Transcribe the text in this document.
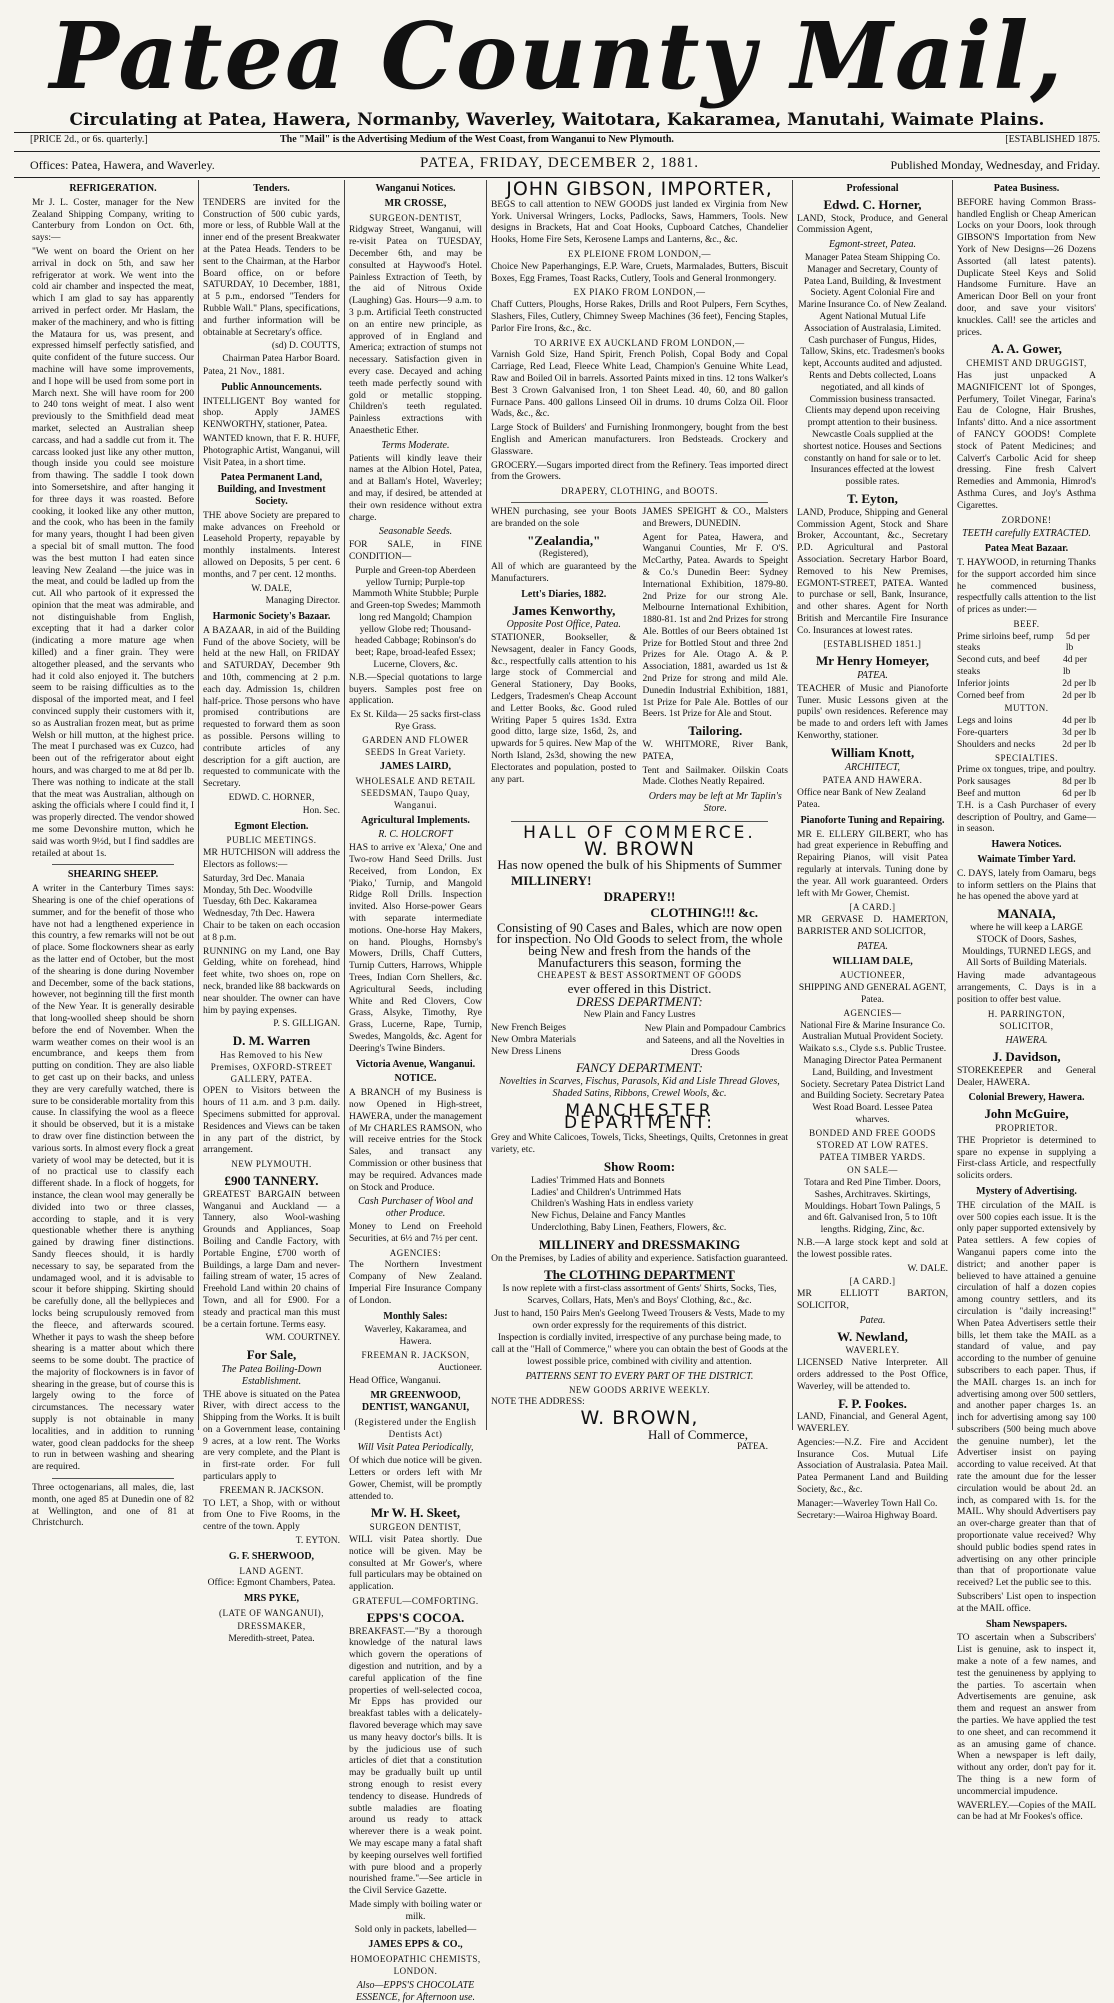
Patea County Mail,
Circulating at Patea, Hawera, Normanby, Waverley, Waitotara, Kakaramea, Manutahi, Waimate Plains.
[PRICE 2d., or 6s. quarterly.]	The "Mail" is the Advertising Medium of the West Coast, from Wanganui to New Plymouth.	[ESTABLISHED 1875.
Offices: Patea, Hawera, and Waverley.	PATEA, FRIDAY, DECEMBER 2, 1881.	Published Monday, Wednesday, and Friday.
REFRIGERATION.

Mr J. L. Coster, manager for the New Zealand Shipping Company, writing to Canterbury from London on Oct. 6th, says:—

"We went on board the Orient on her arrival in dock on 5th, and saw her refrigerator at work. We went into the cold air chamber and inspected the meat, which I am glad to say has apparently arrived in perfect order. Mr Haslam, the maker of the machinery, and who is fitting the Mataura for us, was present, and expressed himself perfectly satisfied, and quite confident of the future success. Our machine will have some improvements, and I hope will be used from some port in March next. She will have room for 200 to 240 tons weight of meat. I also went previously to the Smithfield dead meat market, selected an Australian sheep carcass, and had a saddle cut from it. The carcass looked just like any other mutton, though inside you could see moisture from thawing. The saddle I took down into Somersetshire, and after hanging it for three days it was roasted. Before cooking, it looked like any other mutton, and the cook, who has been in the family for many years, thought I had been given a special bit of small mutton. The food was the best mutton I had eaten since leaving New Zealand —the juice was in the meat, and could be ladled up from the cut. All who partook of it expressed the opinion that the meat was admirable, and not distinguishable from English, excepting that it had a darker color (indicating a more mature age when killed) and a finer grain. They were altogether pleased, and the servants who had it cold also enjoyed it. The butchers seem to be raising difficulties as to the disposal of the imported meat, and I feel convinced supply their customers with it, so as Australian frozen meat, but as prime Welsh or hill mutton, at the highest price. The meat I purchased was ex Cuzco, had been out of the refrigerator about eight hours, and was charged to me at 8d per lb. There was nothing to indicate at the stall that the meat was Australian, although on asking the officials where I could find it, I was properly directed. The vendor showed me some Devonshire mutton, which he said was worth 9½d, but I find saddles are retailed at about 1s.

SHEARING SHEEP.

A writer in the Canterbury Times says: Shearing is one of the chief operations of summer, and for the benefit of those who have not had a lengthened experience in this country, a few remarks will not be out of place. Some flockowners shear as early as the latter end of October, but the most of the shearing is done during November and December, some of the back stations, however, not beginning till the first month of the New Year. It is generally desirable that long-woolled sheep should be shorn before the end of November. When the warm weather comes on their wool is an encumbrance, and keeps them from putting on condition. They are also liable to get cast up on their backs, and unless they are very carefully watched, there is sure to be considerable mortality from this cause. In classifying the wool as a fleece it should be observed, but it is a mistake to draw over fine distinction between the various sorts. In almost every flock a great variety of wool may be detected, but it is of no practical use to classify each different shade. In a flock of hoggets, for instance, the clean wool may generally be divided into two or three classes, according to staple, and it is very questionable whether there is anything gained by drawing finer distinctions. Sandy fleeces should, it is hardly necessary to say, be separated from the undamaged wool, and it is advisable to scour it before shipping. Skirting should be carefully done, all the bellypieces and locks being scrupulously removed from the fleece, and afterwards scoured. Whether it pays to wash the sheep before shearing is a matter about which there seems to be some doubt. The practice of the majority of flockowners is in favor of shearing in the grease, but of course this is largely owing to the force of circumstances. The necessary water supply is not obtainable in many localities, and in addition to running water, good clean paddocks for the sheep to run in between washing and shearing are required.

Three octogenarians, all males, die, last month, one aged 85 at Dunedin one of 82 at Wellington, and one of 81 at Christchurch.

Tenders.

TENDERS are invited for the Construction of 500 cubic yards, more or less, of Rubble Wall at the inner end of the present Breakwater at the Patea Heads. Tenders to be sent to the Chairman, at the Harbor Board office, on or before SATURDAY, 10 December, 1881, at 5 p.m., endorsed "Tenders for Rubble Wall." Plans, specifications, and further information will be obtainable at Secretary's office.

(sd) D. COUTTS,
Chairman Patea Harbor Board.
Patea, 21 Nov., 1881.
Public Announcements.

INTELLIGENT Boy wanted for shop. Apply JAMES KENWORTHY, stationer, Patea.

WANTED known, that F. R. HUFF, Photographic Artist, Wanganui, will Visit Patea, in a short time.

Patea Permanent Land, Building, and Investment Society.

THE above Society are prepared to make advances on Freehold or Leasehold Property, repayable by monthly instalments. Interest allowed on Deposits, 5 per cent. 6 months, and 7 per cent. 12 months.

W. DALE,
Managing Director.
Harmonic Society's Bazaar.

A BAZAAR, in aid of the Building Fund of the above Society, will be held at the new Hall, on FRIDAY and SATURDAY, December 9th and 10th, commencing at 2 p.m. each day. Admission 1s, children half-price. Those persons who have promised contributions are requested to forward them as soon as possible. Persons willing to contribute articles of any description for a gift auction, are requested to communicate with the Secretary.

EDWD. C. HORNER,
Hon. Sec.
Egmont Election.
PUBLIC MEETINGS.

MR HUTCHISON will address the Electors as follows:—

Saturday, 3rd Dec. Manaia
Monday, 5th Dec. Woodville
Tuesday, 6th Dec. Kakaramea
Wednesday, 7th Dec. Hawera

Chair to be taken on each occasion at 8 p.m.

RUNNING on my Land, one Bay Gelding, white on forehead, hind feet white, two shoes on, rope on neck, branded like 88 backwards on near shoulder. The owner can have him by paying expenses.

P. S. GILLIGAN.
D. M. Warren
Has Removed to his New Premises, OXFORD-STREET GALLERY, PATEA.

OPEN to Visitors between the hours of 11 a.m. and 3 p.m. daily. Specimens submitted for approval. Residences and Views can be taken in any part of the district, by arrangement.

NEW PLYMOUTH.
£900 TANNERY.

GREATEST BARGAIN between Wanganui and Auckland — a Tannery, also Wool-washing Grounds and Appliances, Soap Boiling and Candle Factory, with Portable Engine, £700 worth of Buildings, a large Dam and never-failing stream of water, 15 acres of Freehold Land within 20 chains of Town, and all for £900. For a steady and practical man this must be a certain fortune. Terms easy.

WM. COURTNEY.
For Sale,
The Patea Boiling-Down Establishment.

THE above is situated on the Patea River, with direct access to the Shipping from the Works. It is built on a Government lease, containing 9 acres, at a low rent. The Works are very complete, and the Plant is in first-rate order. For full particulars apply to

FREEMAN R. JACKSON.

TO LET, a Shop, with or without from One to Five Rooms, in the centre of the town. Apply

T. EYTON.
G. F. SHERWOOD,
LAND AGENT.
Office: Egmont Chambers, Patea.
MRS PYKE,
(LATE OF WANGANUI),
DRESSMAKER,
Meredith-street, Patea.
Wanganui Notices.
MR CROSSE,
SURGEON-DENTIST,

Ridgway Street, Wanganui, will re-visit Patea on TUESDAY, December 6th, and may be consulted at Haywood's Hotel. Painless Extraction of Teeth, by the aid of Nitrous Oxide (Laughing) Gas. Hours—9 a.m. to 3 p.m. Artificial Teeth constructed on an entire new principle, as approved of in England and America; extraction of stumps not necessary. Satisfaction given in every case. Decayed and aching teeth made perfectly sound with gold or metallic stopping. Children's teeth regulated. Painless extractions with Anaesthetic Ether.

Terms Moderate.

Patients will kindly leave their names at the Albion Hotel, Patea, and at Ballam's Hotel, Waverley; and may, if desired, be attended at their own residence without extra charge.

Seasonable Seeds.

FOR SALE, in FINE CONDITION—

Purple and Green-top Aberdeen yellow Turnip; Purple-top Mammoth White Stubble; Purple and Green-top Swedes; Mammoth long red Mangold; Champion yellow Globe red; Thousand-headed Cabbage; Robinson's do beet; Rape, broad-leafed Essex; Lucerne, Clovers, &c.

N.B.—Special quotations to large buyers. Samples post free on application.

Ex St. Kilda— 25 sacks first-class Rye Grass.
GARDEN AND FLOWER SEEDS In Great Variety.
JAMES LAIRD,
WHOLESALE AND RETAIL SEEDSMAN, Taupo Quay, Wanganui.
Agricultural Implements.
R. C. HOLCROFT

HAS to arrive ex 'Alexa,' One and Two-row Hand Seed Drills. Just Received, from London, Ex 'Piako,' Turnip, and Mangold Ridge Roll Drills. Inspection invited. Also Horse-power Gears with separate intermediate motions. One-horse Hay Makers, on hand. Ploughs, Hornsby's Mowers, Drills, Chaff Cutters, Turnip Cutters, Harrows, Whipple Trees, Indian Corn Shellers, &c. Agricultural Seeds, including White and Red Clovers, Cow Grass, Alsyke, Timothy, Rye Grass, Lucerne, Rape, Turnip, Swedes, Mangolds, &c. Agent for Deering's Twine Binders.

Victoria Avenue, Wanganui.
NOTICE.

A BRANCH of my Business is now Opened in High-street, HAWERA, under the management of Mr CHARLES RAMSON, who will receive entries for the Stock Sales, and transact any Commission or other business that may be required. Advances made on Stock and Produce.

Cash Purchaser of Wool and other Produce.

Money to Lend on Freehold Securities, at 6½ and 7½ per cent.

AGENCIES:

The Northern Investment Company of New Zealand. Imperial Fire Insurance Company of London.

Monthly Sales:
Waverley, Kakaramea, and Hawera.
FREEMAN R. JACKSON,
Auctioneer.
Head Office, Wanganui.
MR GREENWOOD, DENTIST, WANGANUI,
(Registered under the English Dentists Act)
Will Visit Patea Periodically,

Of which due notice will be given. Letters or orders left with Mr Gower, Chemist, will be promptly attended to.

Mr W. H. Skeet,
SURGEON DENTIST,

WILL visit Patea shortly. Due notice will be given. May be consulted at Mr Gower's, where full particulars may be obtained on application.

GRATEFUL—COMFORTING.
EPPS'S COCOA.

BREAKFAST.—"By a thorough knowledge of the natural laws which govern the operations of digestion and nutrition, and by a careful application of the fine properties of well-selected cocoa, Mr Epps has provided our breakfast tables with a delicately-flavored beverage which may save us many heavy doctor's bills. It is by the judicious use of such articles of diet that a constitution may be gradually built up until strong enough to resist every tendency to disease. Hundreds of subtle maladies are floating around us ready to attack wherever there is a weak point. We may escape many a fatal shaft by keeping ourselves well fortified with pure blood and a properly nourished frame."—See article in the Civil Service Gazette.

Made simply with boiling water or milk.
Sold only in packets, labelled—
JAMES EPPS & CO.,
HOMOEOPATHIC CHEMISTS, LONDON.
Also—EPPS'S CHOCOLATE ESSENCE, for Afternoon use.
JOHN GIBSON, IMPORTER,

BEGS to call attention to NEW GOODS just landed ex Virginia from New York. Universal Wringers, Locks, Padlocks, Saws, Hammers, Tools. New designs in Brackets, Hat and Coat Hooks, Cupboard Catches, Chandelier Hooks, Home Fire Sets, Kerosene Lamps and Lanterns, &c., &c.

EX PLEIONE FROM LONDON,—

Choice New Paperhangings, E.P. Ware, Cruets, Marmalades, Butters, Biscuit Boxes, Egg Frames, Toast Racks, Cutlery, Tools and General Ironmongery.

EX PIAKO FROM LONDON,—

Chaff Cutters, Ploughs, Horse Rakes, Drills and Root Pulpers, Fern Scythes, Slashers, Files, Cutlery, Chimney Sweep Machines (36 feet), Fencing Staples, Parlor Fire Irons, &c., &c.

TO ARRIVE EX AUCKLAND FROM LONDON,—

Varnish Gold Size, Hand Spirit, French Polish, Copal Body and Copal Carriage, Red Lead, Fleece White Lead, Champion's Genuine White Lead, Raw and Boiled Oil in barrels. Assorted Paints mixed in tins. 12 tons Walker's Best 3 Crown Galvanised Iron, 1 ton Sheet Lead. 40, 60, and 80 gallon Furnace Pans. 400 gallons Linseed Oil in drums. 10 drums Colza Oil. Floor Wads, &c., &c.

Large Stock of Builders' and Furnishing Ironmongery, bought from the best English and American manufacturers. Iron Bedsteads. Crockery and Glassware.

GROCERY.—Sugars imported direct from the Refinery. Teas imported direct from the Growers.

DRAPERY, CLOTHING, and BOOTS.

WHEN purchasing, see your Boots are branded on the sole

"Zealandia,"
(Registered),

All of which are guaranteed by the Manufacturers.

Lett's Diaries, 1882.
James Kenworthy,
Opposite Post Office, Patea.

STATIONER, Bookseller, & Newsagent, dealer in Fancy Goods, &c., respectfully calls attention to his large stock of Commercial and General Stationery, Day Books, Ledgers, Tradesmen's Cheap Account and Letter Books, &c. Good ruled Writing Paper 5 quires 1s3d. Extra good ditto, large size, 1s6d, 2s, and upwards for 5 quires. New Map of the North Island, 2s3d, showing the new Electorates and population, posted to any part.

JAMES SPEIGHT & CO., Malsters and Brewers, DUNEDIN.

Agent for Patea, Hawera, and Wanganui Counties, Mr F. O'S. McCarthy, Patea. Awards to Speight & Co.'s Dunedin Beer: Sydney International Exhibition, 1879-80. 2nd Prize for our strong Ale. Melbourne International Exhibition, 1880-81. 1st and 2nd Prizes for strong Ale. Bottles of our Beers obtained 1st Prize for Bottled Stout and three 2nd Prizes for Ale. Otago A. & P. Association, 1881, awarded us 1st & 2nd Prize for strong and mild Ale. Dunedin Industrial Exhibition, 1881, 1st Prize for Pale Ale. Bottles of our Beers. 1st Prize for Ale and Stout.

Tailoring.

W. WHITMORE, River Bank, PATEA,

Tent and Sailmaker. Oilskin Coats Made. Clothes Neatly Repaired.

Orders may be left at Mr Taplin's Store.
HALL OF COMMERCE.
W. BROWN
Has now opened the bulk of his Shipments of Summer
MILLINERY!
DRAPERY!!
CLOTHING!!! &c.

Consisting of 90 Cases and Bales, which are now open for inspection. No Old Goods to select from, the whole being New and fresh from the hands of the Manufacturers this season, forming the

CHEAPEST & BEST ASSORTMENT OF GOODS
ever offered in this District.
DRESS DEPARTMENT:
New Plain and Fancy Lustres
New French Beiges
New Ombra Materials
New Dress Linens
New Plain and Pompadour Cambrics and Sateens, and all the Novelties in Dress Goods
FANCY DEPARTMENT:
Novelties in Scarves, Fischus, Parasols, Kid and Lisle Thread Gloves, Shaded Satins, Ribbons, Crewel Wools, &c.
MANCHESTER DEPARTMENT:

Grey and White Calicoes, Towels, Ticks, Sheetings, Quilts, Cretonnes in great variety, etc.

Show Room:
Ladies' Trimmed Hats and Bonnets
Ladies' and Children's Untrimmed Hats
Children's Washing Hats in endless variety
New Fichus, Delaine and Fancy Mantles
Underclothing, Baby Linen, Feathers, Flowers, &c.
MILLINERY and DRESSMAKING
On the Premises, by Ladies of ability and experience. Satisfaction guaranteed.
The CLOTHING DEPARTMENT

Is now replete with a first-class assortment of Gents' Shirts, Socks, Ties, Scarves, Collars, Hats, Men's and Boys' Clothing, &c., &c.

Just to hand, 150 Pairs Men's Geelong Tweed Trousers & Vests, Made to my own order expressly for the requirements of this district.

Inspection is cordially invited, irrespective of any purchase being made, to call at the "Hall of Commerce," where you can obtain the best of Goods at the lowest possible price, combined with civility and attention.

PATTERNS SENT TO EVERY PART OF THE DISTRICT.
NEW GOODS ARRIVE WEEKLY.
NOTE THE ADDRESS:
W. BROWN,
Hall of Commerce,
PATEA.
Professional
Edwd. C. Horner,

LAND, Stock, Produce, and General Commission Agent,

Egmont-street, Patea.

Manager Patea Steam Shipping Co. Manager and Secretary, County of Patea Land, Building, & Investment Society. Agent Colonial Fire and Marine Insurance Co. of New Zealand. Agent National Mutual Life Association of Australasia, Limited. Cash purchaser of Fungus, Hides, Tallow, Skins, etc. Tradesmen's books kept, Accounts audited and adjusted. Rents and Debts collected, Loans negotiated, and all kinds of Commission business transacted. Clients may depend upon receiving prompt attention to their business. Newcastle Coals supplied at the shortest notice. Houses and Sections constantly on hand for sale or to let. Insurances effected at the lowest possible rates.

T. Eyton,

LAND, Produce, Shipping and General Commission Agent, Stock and Share Broker, Accountant, &c., Secretary P.D. Agricultural and Pastoral Association. Secretary Harbor Board, Removed to his New Premises, EGMONT-STREET, PATEA. Wanted to purchase or sell, Bank, Insurance, and other shares. Agent for North British and Mercantile Fire Insurance Co. Insurances at lowest rates.

[ESTABLISHED 1851.]
Mr Henry Homeyer,
PATEA.

TEACHER of Music and Pianoforte Tuner. Music Lessons given at the pupils' own residences. Reference may be made to and orders left with James Kenworthy, stationer.

William Knott,
ARCHITECT,
PATEA AND HAWERA.
Office near Bank of New Zealand Patea.
Pianoforte Tuning and Repairing.

MR E. ELLERY GILBERT, who has had great experience in Rebuffing and Repairing Pianos, will visit Patea regularly at intervals. Tuning done by the year. All work guaranteed. Orders left with Mr Gower, Chemist.

[A CARD.]

MR GERVASE D. HAMERTON, BARRISTER AND SOLICITOR,

PATEA.
WILLIAM DALE,
AUCTIONEER,
SHIPPING AND GENERAL AGENT, Patea.
AGENCIES—

National Fire & Marine Insurance Co. Australian Mutual Provident Society. Waikato s.s., Clyde s.s. Public Trustee. Managing Director Patea Permanent Land, Building, and Investment Society. Secretary Patea District Land and Building Society. Secretary Patea West Road Board. Lessee Patea wharves.

BONDED AND FREE GOODS STORED AT LOW RATES.
PATEA TIMBER YARDS.
ON SALE—

Totara and Red Pine Timber. Doors, Sashes, Architraves. Skirtings, Mouldings. Hobart Town Palings, 5 and 6ft. Galvanised Iron, 5 to 10ft lengths. Ridging, Zinc, &c.

N.B.—A large stock kept and sold at the lowest possible rates.

W. DALE.
[A CARD.]

MR ELLIOTT BARTON, SOLICITOR,

Patea.
W. Newland,
WAVERLEY.

LICENSED Native Interpreter. All orders addressed to the Post Office, Waverley, will be attended to.

F. P. Fookes.

LAND, Financial, and General Agent, WAVERLEY.

Agencies:—N.Z. Fire and Accident Insurance Cos. Mutual Life Association of Australasia. Patea Mail. Patea Permanent Land and Building Society, &c., &c.

Manager:—Waverley Town Hall Co.
Secretary:—Wairoa Highway Board.
Patea Business.

BEFORE having Common Brass-handled English or Cheap American Locks on your Doors, look through GIBSON'S Importation from New York of New Designs—26 Dozens Assorted (all latest patents). Duplicate Steel Keys and Solid Handsome Furniture. Have an American Door Bell on your front door, and save your visitors' knuckles. Call! see the articles and prices.

A. A. Gower,
CHEMIST AND DRUGGIST,

Has just unpacked A MAGNIFICENT lot of Sponges, Perfumery, Toilet Vinegar, Farina's Eau de Cologne, Hair Brushes, Infants' ditto. And a nice assortment of FANCY GOODS! Complete stock of Patent Medicines; and Calvert's Carbolic Acid for sheep dressing. Fine fresh Calvert Remedies and Ammonia, Himrod's Asthma Cures, and Joy's Asthma Cigarettes.

ZORDONE!
TEETH carefully EXTRACTED.
Patea Meat Bazaar.

T. HAYWOOD, in returning Thanks for the support accorded him since he commenced business, respectfully calls attention to the list of prices as under:—

BEEF.
Prime sirloins beef, rump steaks
5d per lb
Second cuts, and beef steaks
4d per lb
Inferior joints	2d per lb
Corned beef from	2d per lb
MUTTON.
Legs and loins	4d per lb
Fore-quarters	3d per lb
Shoulders and necks	2d per lb
SPECIALTIES.
Prime ox tongues, tripe, and poultry.
Pork sausages	8d per lb
Beef and mutton	6d per lb

T.H. is a Cash Purchaser of every description of Poultry, and Game—in season.

Hawera Notices.
Waimate Timber Yard.

C. DAYS, lately from Oamaru, begs to inform settlers on the Plains that he has opened the above yard at

MANAIA,

where he will keep a LARGE STOCK of Doors, Sashes, Mouldings, TURNED LEGS, and All Sorts of Building Materials.

Having made advantageous arrangements, C. Days is in a position to offer best value.

H. PARRINGTON,
SOLICITOR,
HAWERA.
J. Davidson,

STOREKEEPER and General Dealer, HAWERA.

Colonial Brewery, Hawera.
John McGuire,
PROPRIETOR.

THE Proprietor is determined to spare no expense in supplying a First-class Article, and respectfully solicits orders.

Mystery of Advertising.

THE circulation of the MAIL is over 500 copies each issue. It is the only paper supported extensively by Patea settlers. A few copies of Wanganui papers come into the district; and another paper is believed to have attained a genuine circulation of half a dozen copies among country settlers, and its circulation is "daily increasing!" When Patea Advertisers settle their bills, let them take the MAIL as a standard of value, and pay according to the number of genuine subscribers to each paper. Thus, if the MAIL charges 1s. an inch for advertising among over 500 settlers, and another paper charges 1s. an inch for advertising among say 100 subscribers (500 being much above the genuine number), let the Advertiser insist on paying according to value received. At that rate the amount due for the lesser circulation would be about 2d. an inch, as compared with 1s. for the MAIL. Why should Advertisers pay an over-charge greater than that of proportionate value received? Why should public bodies spend rates in advertising on any other principle than that of proportionate value received? Let the public see to this.

Subscribers' List open to inspection at the MAIL office.

Sham Newspapers.

TO ascertain when a Subscribers' List is genuine, ask to inspect it, make a note of a few names, and test the genuineness by applying to the parties. To ascertain when Advertisements are genuine, ask them and request an answer from the parties. We have applied the test to one sheet, and can recommend it as an amusing game of chance. When a newspaper is left daily, without any order, don't pay for it. The thing is a new form of uncommercial impudence.

WAVERLEY.—Copies of the MAIL can be had at Mr Fookes's office.
